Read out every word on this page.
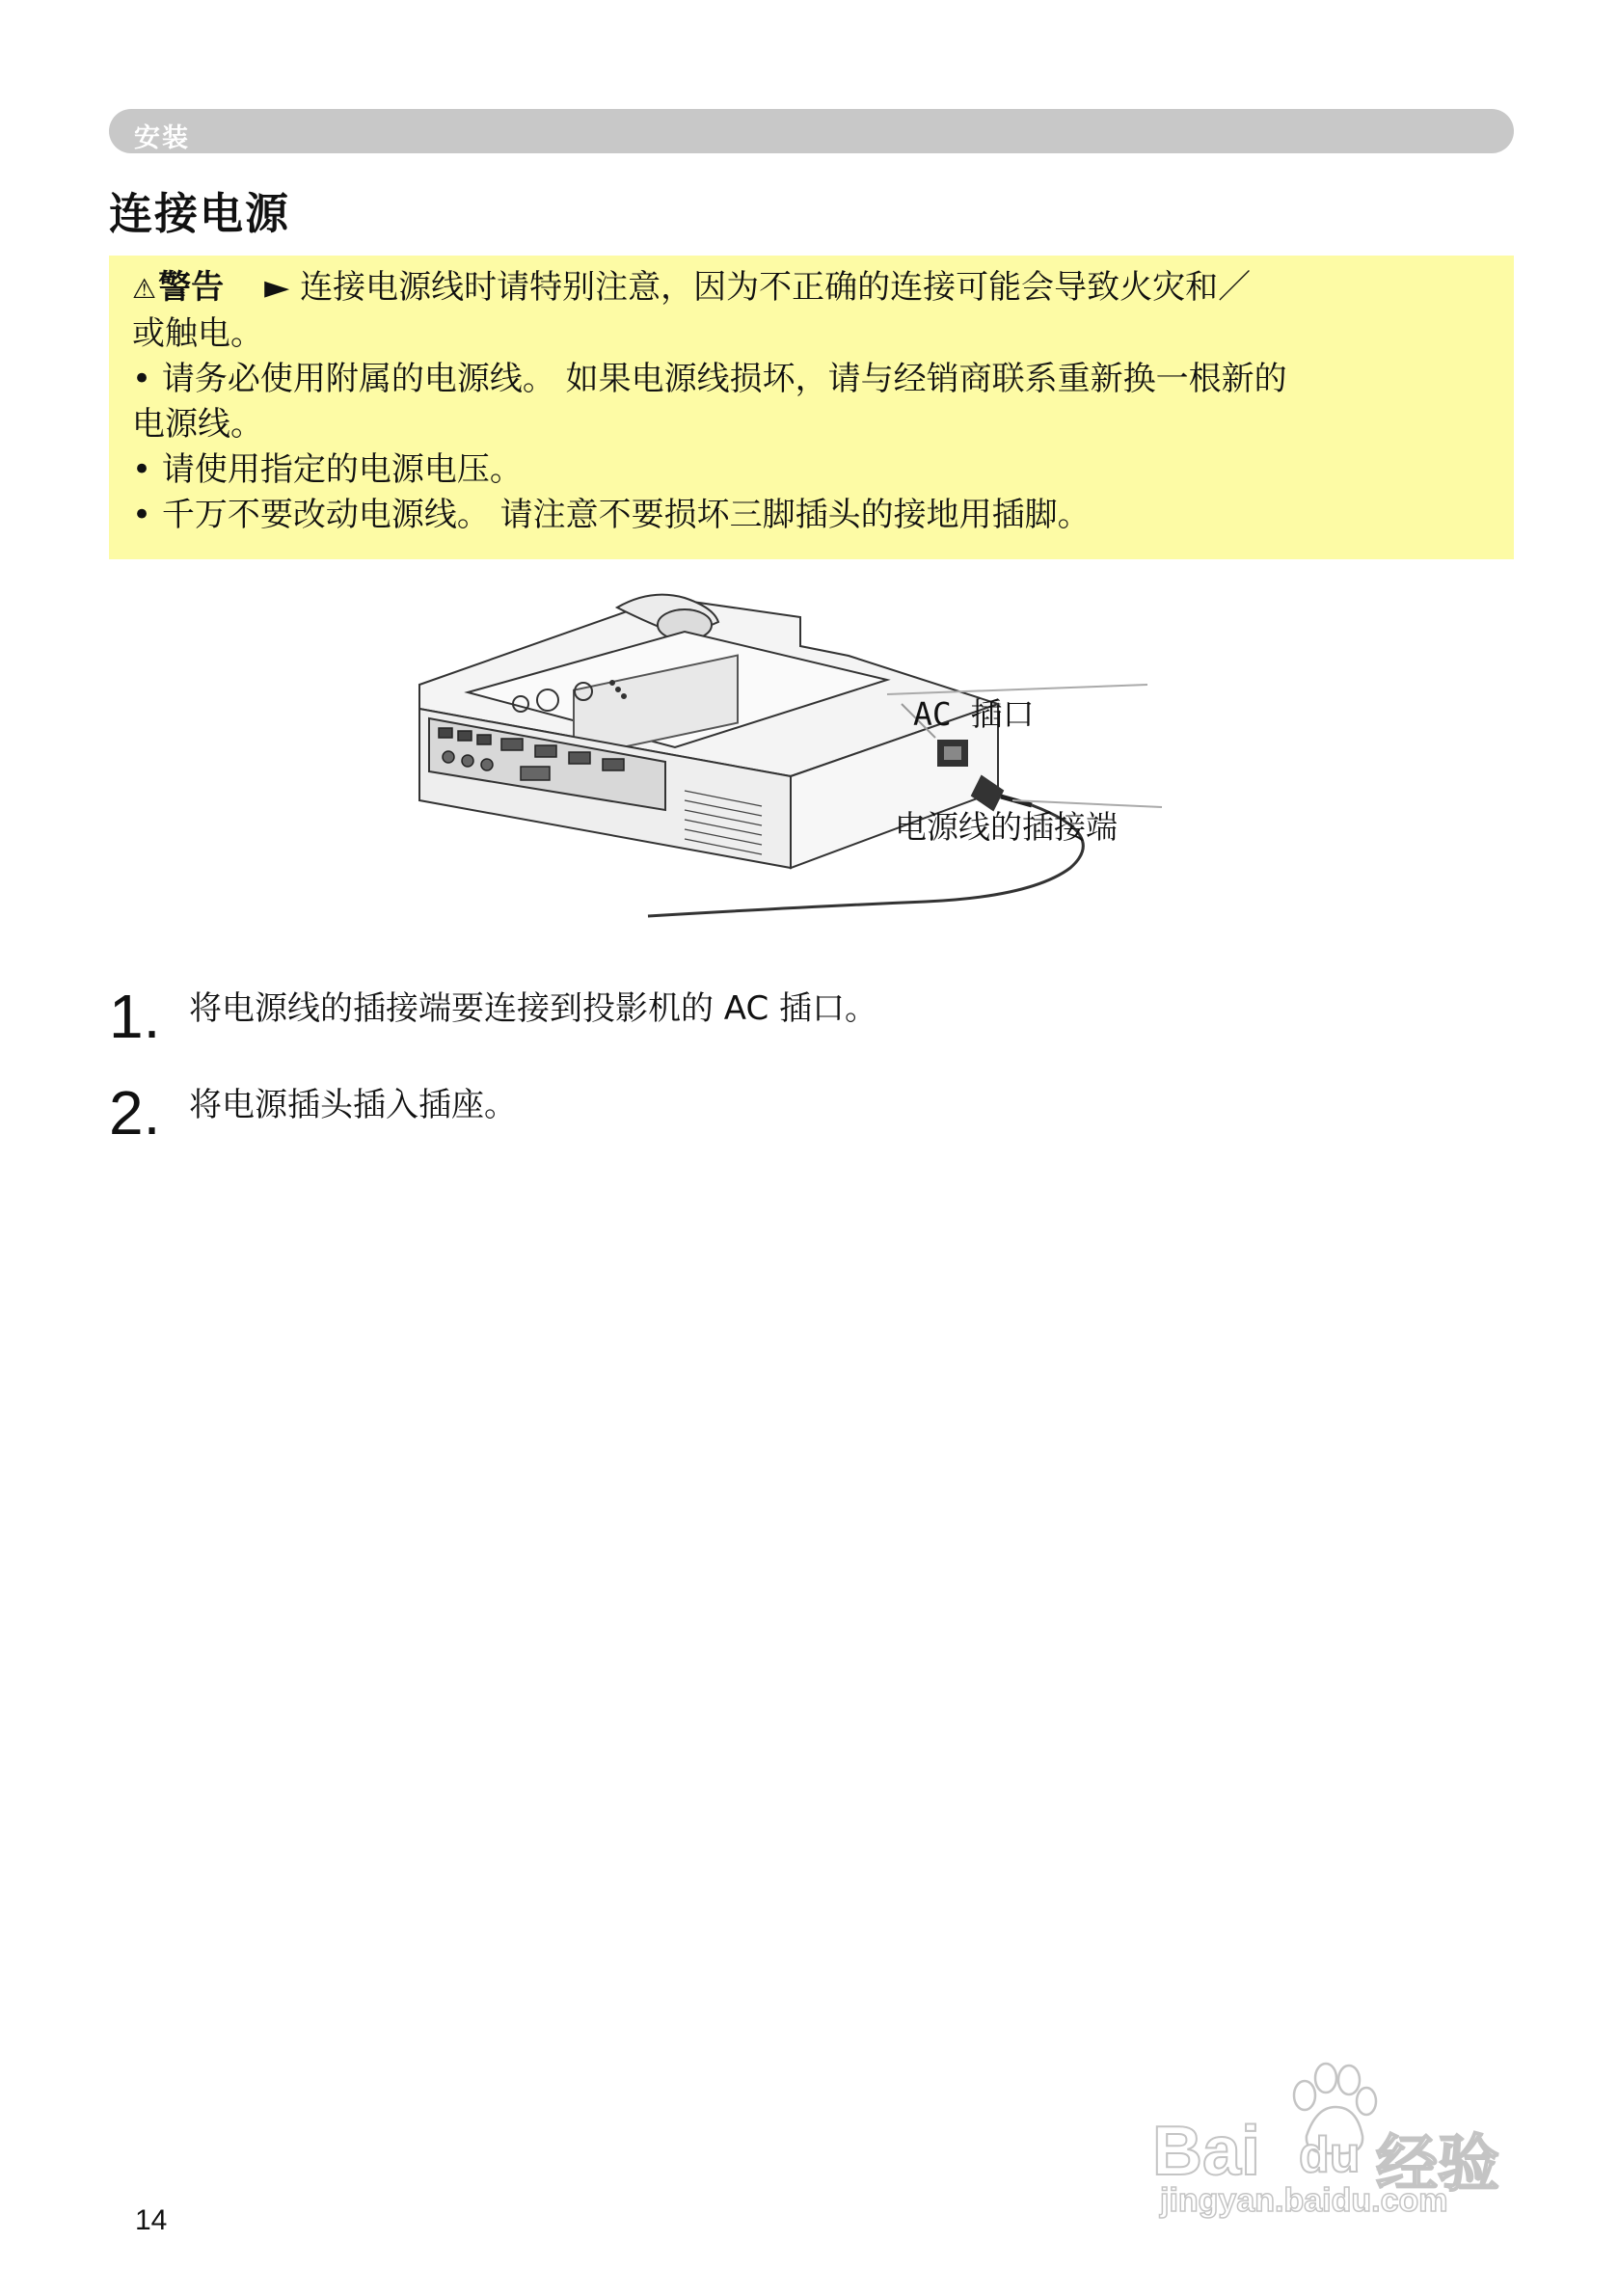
安装
连接电源

⚠警告 ► 连接电源线时请特别注意，因为不正确的连接可能会导致火灾和／

或触电。

• 请务必使用附属的电源线。 如果电源线损坏，请与经销商联系重新换一根新的

电源线。

• 请使用指定的电源电压。

• 千万不要改动电源线。 请注意不要损坏三脚插头的接地用插脚。

AC 插口
电源线的插接端
1. 将电源线的插接端要连接到投影机的 AC 插口。
2. 将电源插头插入插座。
14
Bai du 经验
jingyan.baidu.com
